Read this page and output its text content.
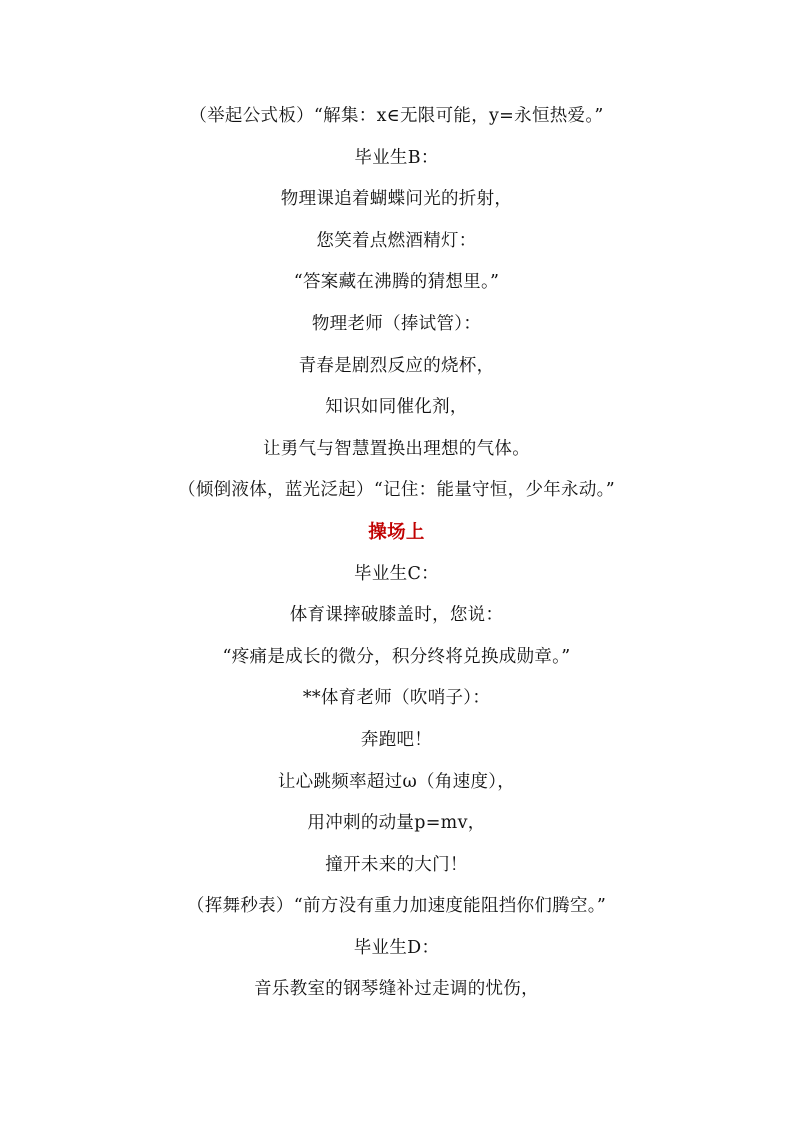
（举起公式板）“解集：x∈无限可能，y=永恒热爱。”
毕业生B：
物理课追着蝴蝶问光的折射，
您笑着点燃酒精灯：
“答案藏在沸腾的猜想里。”
物理老师（捧试管）：
青春是剧烈反应的烧杯，
知识如同催化剂，
让勇气与智慧置换出理想的气体。
（倾倒液体，蓝光泛起）“记住：能量守恒，少年永动。”
操场上
毕业生C：
体育课摔破膝盖时，您说：
“疼痛是成长的微分，积分终将兑换成勋章。”
**体育老师（吹哨子）：
奔跑吧！
让心跳频率超过ω（角速度），
用冲刺的动量p=mv，
撞开未来的大门！
（挥舞秒表）“前方没有重力加速度能阻挡你们腾空。”
毕业生D：
音乐教室的钢琴缝补过走调的忧伤，
